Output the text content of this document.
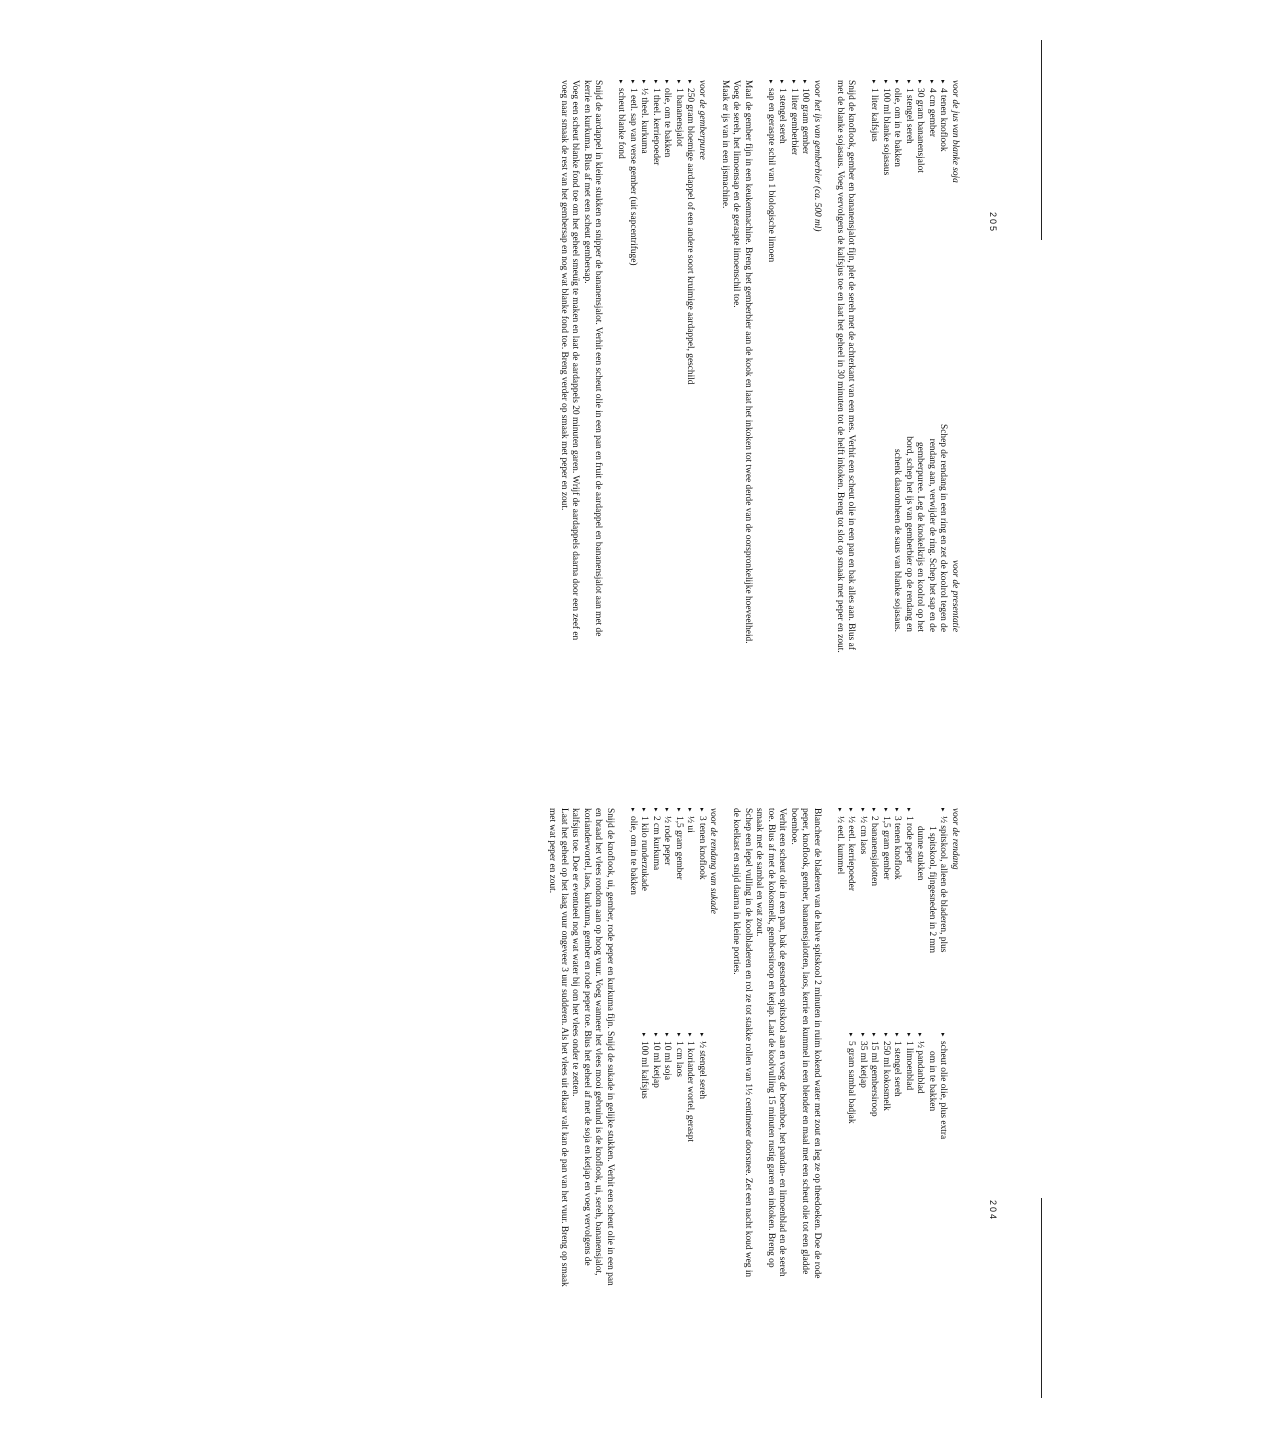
205
voor de jus van blanke soja
▸ 4 tenen knoflook
▸ 4 cm gember
▸ 30 gram bananensjalot
▸ 1 stengel sereh
▸ olie, om in te bakken
▸ 100 ml blanke sojasaus
▸ 1 liter kalfsjus

Snijd de knoflook, gember en bananensjalot fijn, plet de sereh met de achterkant van een mes. Verhit een scheut olie in een pan en bak alles aan. Blus af met de blanke sojasaus. Voeg vervolgens de kalfsjus toe en laat het geheel in 30 minuten tot de helft inkoken. Breng tot slot op smaak met peper en zout.

voor het ijs van gemberbier (ca. 500 ml)
▸ 100 gram gember
▸ 1 liter gemberbier
▸ 1 stengel sereh
▸ sap en geraspte schil van 1 biologische limoen

Maal de gember fijn in een keukenmachine. Breng het gemberbier aan de kook en laat het inkoken tot twee derde van de oorspronkelijke hoeveelheid. Voeg de sereh, het limoensap en de geraspte limoenschil toe.

Maak er ijs van in een ijsmachine.

voor de gemberpuree
▸ 250 gram bloemige aardappel of een andere soort kruimige aardappel, geschild
▸ 1 bananensjalot
▸ olie, om te bakken
▸ 1 theel. kerriepoeder
▸ ½ theel. kurkuma
▸ 1 eetl. sap van verse gember (uit sapcentrifuge)
▸ scheut blanke fond

Snijd de aardappel in kleine stukken en snipper de bananensjalot. Verhit een scheut olie in een pan en fruit de aardappel en bananensjalot aan met de kerrie en kurkuma. Blus af met een scheut gembersap.

Voeg een scheut blanke fond toe om het geheel smeuïg te maken en laat de aardappels 20 minuten garen. Wrijf de aardappels daarna door een zeef en voeg naar smaak de rest van het gembersap en nog wat blanke fond toe. Breng verder op smaak met peper en zout.

voor de presentatie

Schep de rendang in een ring en zet de koolrol tegen de rendang aan, verwijder de ring. Schep het sap en de gemberpuree. Leg de knokelkrijs en koolrol op het bord, schep het ijs van gemberbier op de rendang en schenk daaromheen de saus van blanke sojasaus.

204
voor de rendang
▸ ½ spitskool, alleen de bladeren, plus
1 spitskool, fijngesneden in 2 mm
dunne stukken
▸ 1 rode peper
▸ 3 tenen knoflook
▸ 1,5 gram gember
▸ 2 bananensjalotten
▸ ½ cm laos
▸ ½ eetl. kerriepoeder
▸ ½ eetl. kummel
▸ scheut olie olie, plus extra
om in te bakken
▸ ½ pandanblad
▸ 1 limoenblad
▸ 1 stengel sereh
▸ 250 ml kokosmelk
▸ 15 ml gembersiroop
▸ 35 ml ketjap
▸ 5 gram sambal badjak

Blancheer de bladeren van de halve spitskool 2 minuten in ruim kokend water met zout en leg ze op theedoeken. Doe de rode peper, knoflook, gember, bananensjalotten, laos, kerrie en kummel in een blender en maal met een scheut olie tot een gladde boemboe.

Verhit een scheut olie in een pan, bak de gesneden spitskool aan en voeg de boemboe, het pandan- en limoenblad en de sereh toe. Blus af met de kokosmelk, gembersiroop en ketjap. Laat de koolvulling 15 minuten rustig garen en inkoken. Breng op smaak met de sambal en wat zout.

Schep een lepel vulling in de koolbladeren en rol ze tot stakke rollen van 1½ centimeter doorsnee. Zet een nacht koud weg in de koelkast en snijd daarna in kleine porties.

voor de rendang van sukade
▸ 3 tenen knoflook
▸ ½ ui
▸ 1,5 gram gember
▸ ½ rode peper
▸ 2 cm kurkuma
▸ 1 kilo runderzukade
▸ olie, om in te bakken
▸ ½ stengel sereh
▸ 1 koriander wortel, geraspt
▸ 1 cm laos
▸ 10 ml soja
▸ 10 ml ketjap
▸ 100 ml kalfsjus

Snijd de knoflook, ui, gember, rode peper en kurkuma fijn. Snijd de sukade in gelijke stukken. Verhit een scheut olie in een pan en braad het vlees rondom aan op hoog vuur. Voeg wanneer het vlees mooi gebruind is de knoflook, ui, sereh, bananensjalot, korianderwortel, laos, kurkuma, gember en rode peper toe. Blus het geheel af met de soja en ketjap en voeg vervolgens de kalfsjus toe. Doe er eventueel nog wat water bij om het vlees onder te zetten.

Laat het geheel op het laag vuur ongeveer 3 uur sudderen. Als het vlees uit elkaar valt kan de pan van het vuur. Breng op smaak met wat peper en zout.
